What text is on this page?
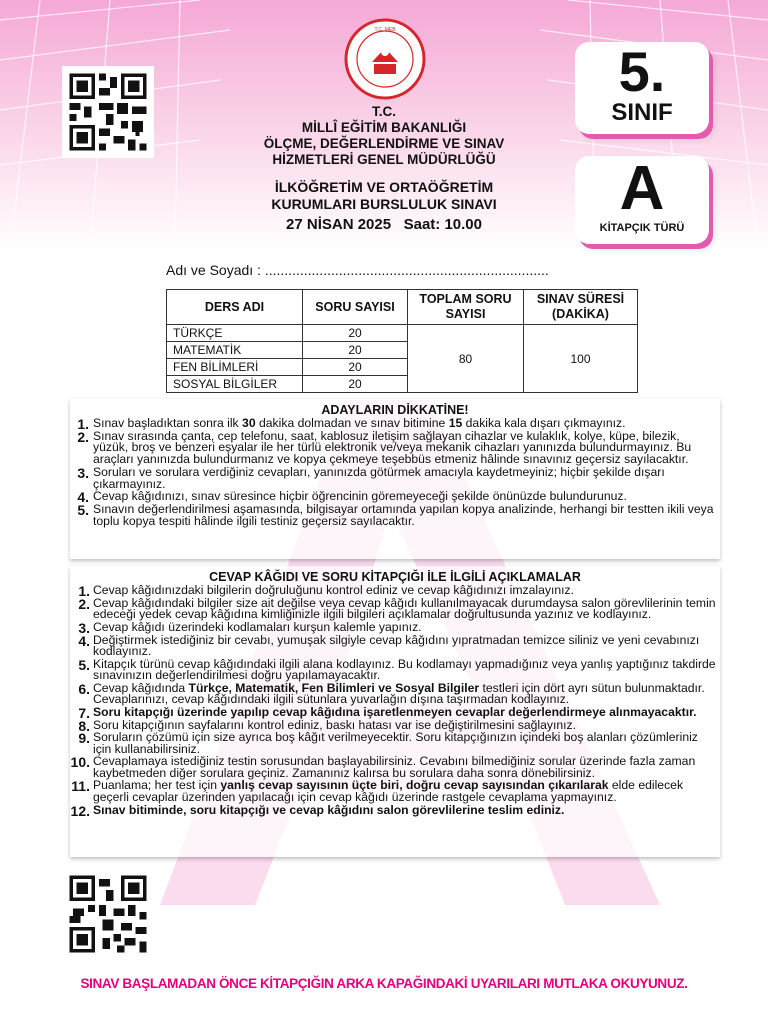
T.C. MEB
T.C.
MİLLÎ EĞİTİM BAKANLIĞI
ÖLÇME, DEĞERLENDİRME VE SINAV
HİZMETLERİ GENEL MÜDÜRLÜĞÜ
İLKÖĞRETİM VE ORTAÖĞRETİM
KURUMLARI BURSLULUK SINAVI
27 NİSAN 2025 Saat: 10.00
5.
SINIF
A
KİTAPÇIK TÜRÜ
Adı ve Soyadı : .........................................................................
DERS ADI	SORU SAYISI	TOPLAM SORU SAYISI	SINAV SÜRESİ (DAKİKA)
TÜRKÇE	20	80	100
MATEMATİK	20		
FEN BİLİMLERİ	20		
SOSYAL BİLGİLER	20		
ADAYLARIN DİKKATİNE!
1. Sınav başladıktan sonra ilk 30 dakika dolmadan ve sınav bitimine 15 dakika kala dışarı çıkmayınız.
2. Sınav sırasında çanta, cep telefonu, saat, kablosuz iletişim sağlayan cihazlar ve kulaklık, kolye, küpe, bilezik, yüzük, broş ve benzeri eşyalar ile her türlü elektronik ve/veya mekanik cihazları yanınızda bulundurmayınız. Bu araçları yanınızda bulundurmanız ve kopya çekmeye teşebbüs etmeniz hâlinde sınavınız geçersiz sayılacaktır.
3. Soruları ve sorulara verdiğiniz cevapları, yanınızda götürmek amacıyla kaydetmeyiniz; hiçbir şekilde dışarı çıkarmayınız.
4. Cevap kâğıdınızı, sınav süresince hiçbir öğrencinin göremeyeceği şekilde önünüzde bulundurunuz.
5. Sınavın değerlendirilmesi aşamasında, bilgisayar ortamında yapılan kopya analizinde, herhangi bir testten ikili veya toplu kopya tespiti hâlinde ilgili testiniz geçersiz sayılacaktır.
CEVAP KÂĞIDI VE SORU KİTAPÇIĞI İLE İLGİLİ AÇIKLAMALAR
1. Cevap kâğıdınızdaki bilgilerin doğruluğunu kontrol ediniz ve cevap kâğıdınızı imzalayınız.
2. Cevap kâğıdındaki bilgiler size ait değilse veya cevap kâğıdı kullanılmayacak durumdaysa salon görevlilerinin temin edeceği yedek cevap kâğıdına kimliğinizle ilgili bilgileri açıklamalar doğrultusunda yazınız ve kodlayınız.
3. Cevap kâğıdı üzerindeki kodlamaları kurşun kalemle yapınız.
4. Değiştirmek istediğiniz bir cevabı, yumuşak silgiyle cevap kâğıdını yıpratmadan temizce siliniz ve yeni cevabınızı kodlayınız.
5. Kitapçık türünü cevap kâğıdındaki ilgili alana kodlayınız. Bu kodlamayı yapmadığınız veya yanlış yaptığınız takdirde sınavınızın değerlendirilmesi doğru yapılamayacaktır.
6. Cevap kâğıdında Türkçe, Matematik, Fen Bilimleri ve Sosyal Bilgiler testleri için dört ayrı sütun bulunmaktadır. Cevaplarınızı, cevap kâğıdındaki ilgili sütunlara yuvarlağın dışına taşırmadan kodlayınız.
7. Soru kitapçığı üzerinde yapılıp cevap kâğıdına işaretlenmeyen cevaplar değerlendirmeye alınmayacaktır.
8. Soru kitapçığının sayfalarını kontrol ediniz, baskı hatası var ise değiştirilmesini sağlayınız.
9. Soruların çözümü için size ayrıca boş kâğıt verilmeyecektir. Soru kitapçığınızın içindeki boş alanları çözümleriniz için kullanabilirsiniz.
10. Cevaplamaya istediğiniz testin sorusundan başlayabilirsiniz. Cevabını bilmediğiniz sorular üzerinde fazla zaman kaybetmeden diğer sorulara geçiniz. Zamanınız kalırsa bu sorulara daha sonra dönebilirsiniz.
11. Puanlama; her test için yanlış cevap sayısının üçte biri, doğru cevap sayısından çıkarılarak elde edilecek geçerli cevaplar üzerinden yapılacağı için cevap kâğıdı üzerinde rastgele cevaplama yapmayınız.
12. Sınav bitiminde, soru kitapçığı ve cevap kâğıdını salon görevlilerine teslim ediniz.
SINAV BAŞLAMADAN ÖNCE KİTAPÇIĞIN ARKA KAPAĞINDAKİ UYARILARI MUTLAKA OKUYUNUZ.
